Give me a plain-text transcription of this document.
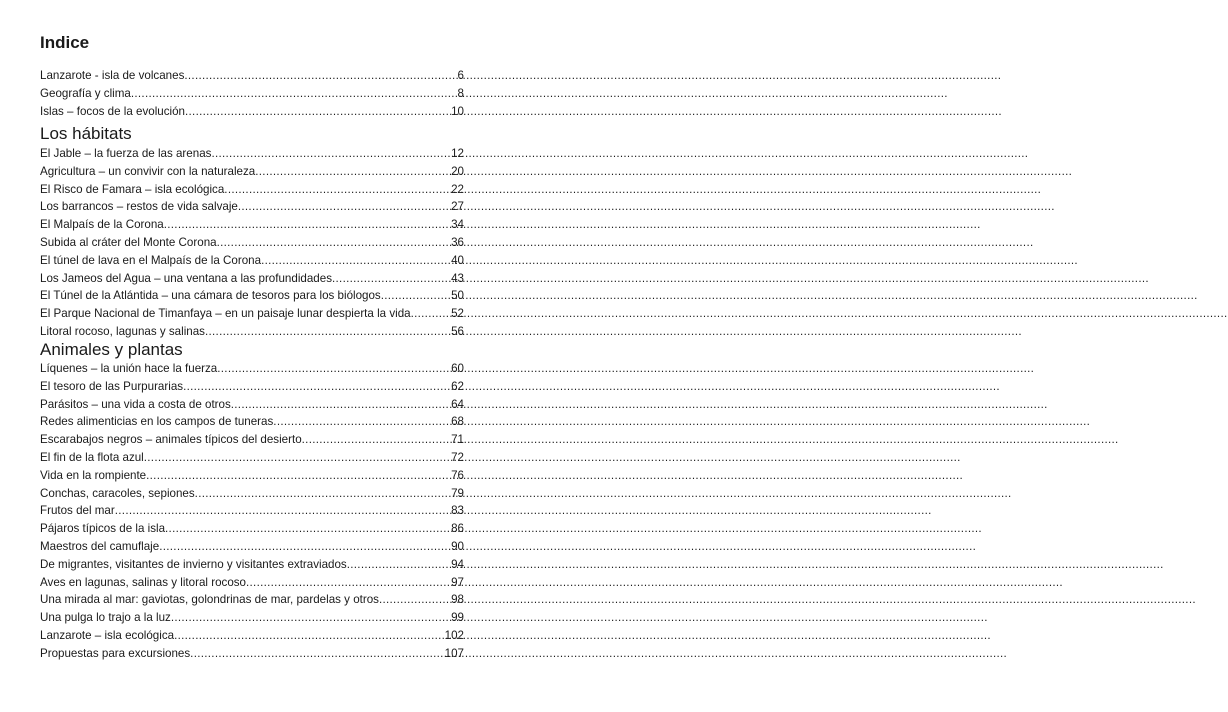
Indice
Lanzarote - isla de volcanes .....	6
Geografía y clima .....	8
Islas – focos de la evolución .....	10
Los hábitats
El Jable – la fuerza de las arenas .....	12
Agricultura – un convivir con la naturaleza .....	20
El Risco de Famara – isla ecológica .....	22
Los barrancos – restos de vida salvaje .....	27
El Malpaís de la Corona .....	34
Subida al cráter del Monte Corona .....	36
El túnel de lava en el Malpaís de la Corona .....	40
Los Jameos del Agua – una ventana a las profundidades .....	43
El Túnel de la Atlántida – una cámara de tesoros para los biólogos .....	50
El Parque Nacional de Timanfaya – en un paisaje lunar despierta la vida .....	52
Litoral rocoso, lagunas y salinas .....	56
Animales y plantas
Líquenes – la unión hace la fuerza .....	60
El tesoro de las Purpurarias .....	62
Parásitos – una vida a costa de otros .....	64
Redes alimenticias en los campos de tuneras .....	68
Escarabajos negros – animales típicos del desierto .....	71
El fin de la flota azul .....	72
Vida en la rompiente .....	76
Conchas, caracoles, sepiones .....	79
Frutos del mar .....	83
Pájaros típicos de la isla .....	86
Maestros del camuflaje .....	90
De migrantes, visitantes de invierno y visitantes extraviados .....	94
Aves en lagunas, salinas y litoral rocoso .....	97
Una mirada al mar: gaviotas, golondrinas de mar, pardelas y otros .....	98
Una pulga lo trajo a la luz .....	99
Lanzarote – isla ecológica .....	102
Propuestas para excursiones .....	107
